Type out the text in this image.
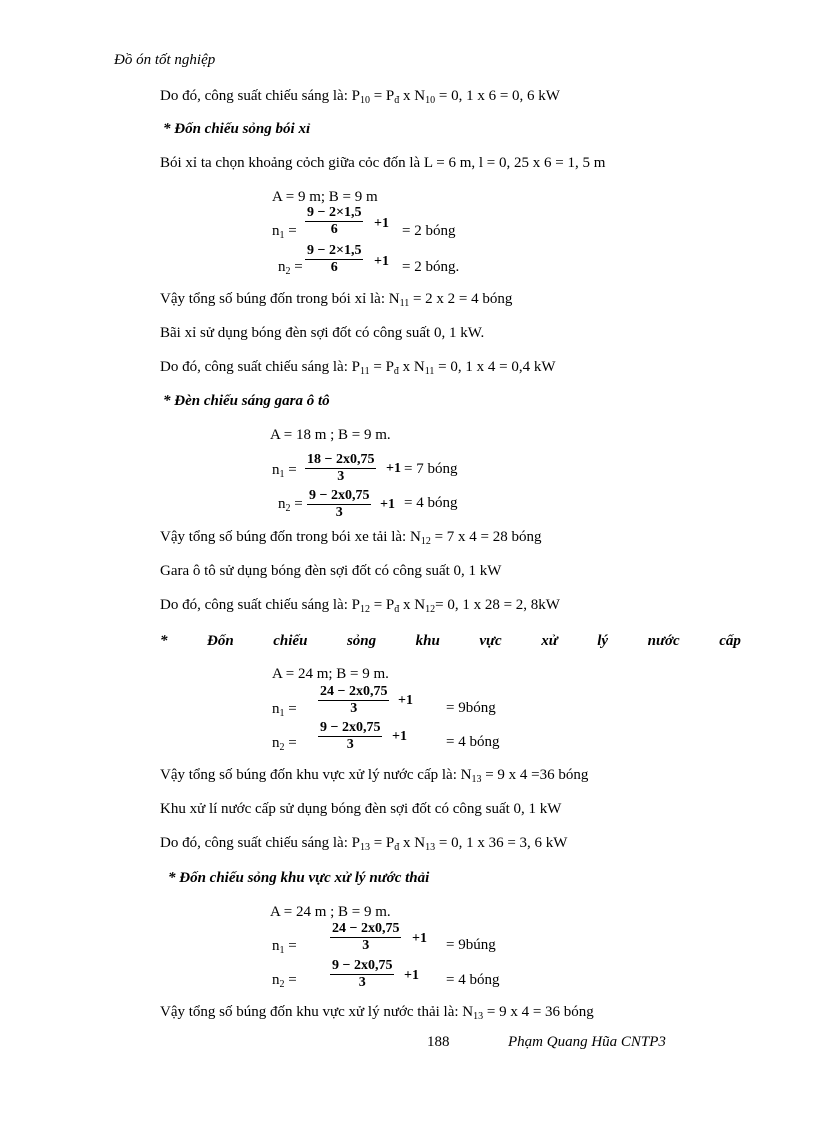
Đồ ón tốt nghiệp
Do đó, công suất chiếu sáng là: $P_{10} = P_đ$ x $N_{10} = 0$, 1 x 6 = 0, 6 kW
* Đốn chiếu sỏng bói xỉ
Bói xỉ ta chọn khoảng cỏch giữa cỏc đốn là L = 6 m, l = 0, 25 x 6 = 1, 5 m
A = 9 m; B = 9 m
$n_1$ =
9 − 2×1,5
6	+1 = 2 bóng
$n_2$ =
9 − 2×1,5
6	+1 = 2 bóng.
Vậy tổng số búng đốn trong bói xỉ là: $N_{11} = 2$ x 2 = 4 bóng
Bãi xỉ sử dụng bóng đèn sợi đốt có công suất 0, 1 kW.
Do đó, công suất chiếu sáng là: $P_{11} = P_đ$ x $N_{11} = 0$, 1 x 4 = 0,4 kW
* Đèn chiếu sáng gara ô tô
A = 18 m ; B = 9 m.
$n_1$ =
18 − 2x0,75
3
+1 = 7 bóng
$n_2$ =
9 − 2x0,75
3
+1 = 4 bóng
Vậy tổng số búng đốn trong bói xe tải là: $N_{12} = 7$ x 4 = 28 bóng
Gara ô tô sử dụng bóng đèn sợi đốt có công suất 0, 1 kW
Do đó, công suất chiếu sáng là: $P_{12} = P_đ$ x $N_{12}= 0$, 1 x 28 = 2, 8kW
*	Đốn	chiếu	sỏng	khu	vực	xử	lý	nước	cấp
A = 24 m; B = 9 m.
$n_1$ =
24 − 2x0,75
3
+1 = 9bóng
$n_2$ =
9 − 2x0,75
3
+1	= 4 bóng
Vậy tổng số búng đốn khu vực xử lý nước cấp là: $N_{13} = 9$ x 4 =36 bóng
Khu xử lí nước cấp sử dụng bóng đèn sợi đốt có công suất 0, 1 kW
Do đó, công suất chiếu sáng là: $P_{13} = P_đ$ x $N_{13} = 0$, 1 x 36 = 3, 6 kW
* Đốn chiếu sỏng khu vực xử lý nước thải
A = 24 m ; B = 9 m.
$n_1$ =
24 − 2x0,75
3	+1 = 9búng
$n_2$ =
9 − 2x0,75
3	+1 = 4 bóng
Vậy tổng số búng đốn khu vực xử lý nước thải là: $N_{13} = 9$ x 4 = 36 bóng
188	Phạm Quang Hũa CNTP3
